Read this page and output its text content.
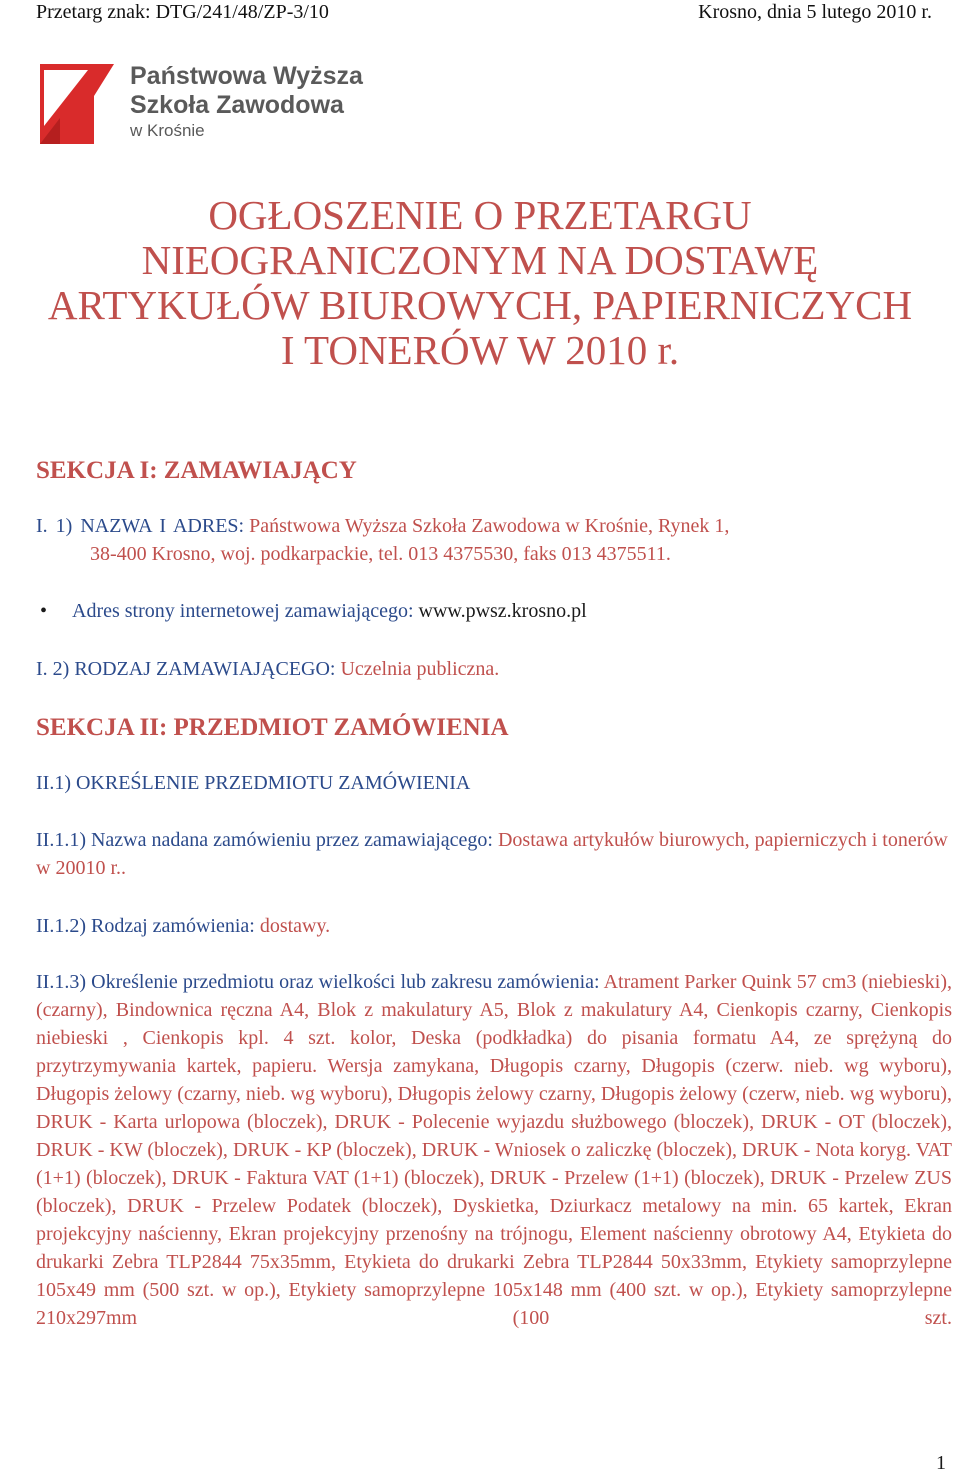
Przetarg znak: DTG/241/48/ZP-3/10	Krosno, dnia 5 lutego 2010 r.
Państwowa Wyższa
Szkoła Zawodowa
w Krośnie
OGŁOSZENIE O PRZETARGU
NIEOGRANICZONYM NA DOSTAWĘ
ARTYKUŁÓW BIUROWYCH, PAPIERNICZYCH
I TONERÓW W 2010 r.
SEKCJA I: ZAMAWIAJĄCY

I. 1) NAZWA I ADRES: Państwowa Wyższa Szkoła Zawodowa w Krośnie, Rynek 1,
38-400 Krosno, woj. podkarpackie, tel. 013 4375530, faks 013 4375511.

• Adres strony internetowej zamawiającego: www.pwsz.krosno.pl

I. 2) RODZAJ ZAMAWIAJĄCEGO: Uczelnia publiczna.

SEKCJA II: PRZEDMIOT ZAMÓWIENIA

II.1) OKREŚLENIE PRZEDMIOTU ZAMÓWIENIA

II.1.1) Nazwa nadana zamówieniu przez zamawiającego: Dostawa artykułów biurowych, papierniczych i tonerów w 20010 r..

II.1.2) Rodzaj zamówienia: dostawy.

II.1.3) Określenie przedmiotu oraz wielkości lub zakresu zamówienia: Atrament Parker Quink 57 cm3 (niebieski),(czarny), Bindownica ręczna A4, Blok z makulatury A5, Blok z makulatury A4, Cienkopis czarny, Cienkopis niebieski , Cienkopis kpl. 4 szt. kolor, Deska (podkładka) do pisania formatu A4, ze sprężyną do przytrzymywania kartek, papieru. Wersja zamykana, Długopis czarny, Długopis (czerw. nieb. wg wyboru), Długopis żelowy (czarny, nieb. wg wyboru), Długopis żelowy czarny, Długopis żelowy (czerw, nieb. wg wyboru), DRUK - Karta urlopowa (bloczek), DRUK - Polecenie wyjazdu służbowego (bloczek), DRUK - OT (bloczek), DRUK - KW (bloczek), DRUK - KP (bloczek), DRUK - Wniosek o zaliczkę (bloczek), DRUK - Nota koryg. VAT (1+1) (bloczek), DRUK - Faktura VAT (1+1) (bloczek), DRUK - Przelew (1+1) (bloczek), DRUK - Przelew ZUS (bloczek), DRUK - Przelew Podatek (bloczek), Dyskietka, Dziurkacz metalowy na min. 65 kartek, Ekran projekcyjny naścienny, Ekran projekcyjny przenośny na trójnogu, Element naścienny obrotowy A4, Etykieta do drukarki Zebra TLP2844 75x35mm, Etykieta do drukarki Zebra TLP2844 50x33mm, Etykiety samoprzylepne 105x49 mm (500 szt. w op.), Etykiety samoprzylepne 105x148 mm (400 szt. w op.), Etykiety samoprzylepne 210x297mm (100 szt.

1
